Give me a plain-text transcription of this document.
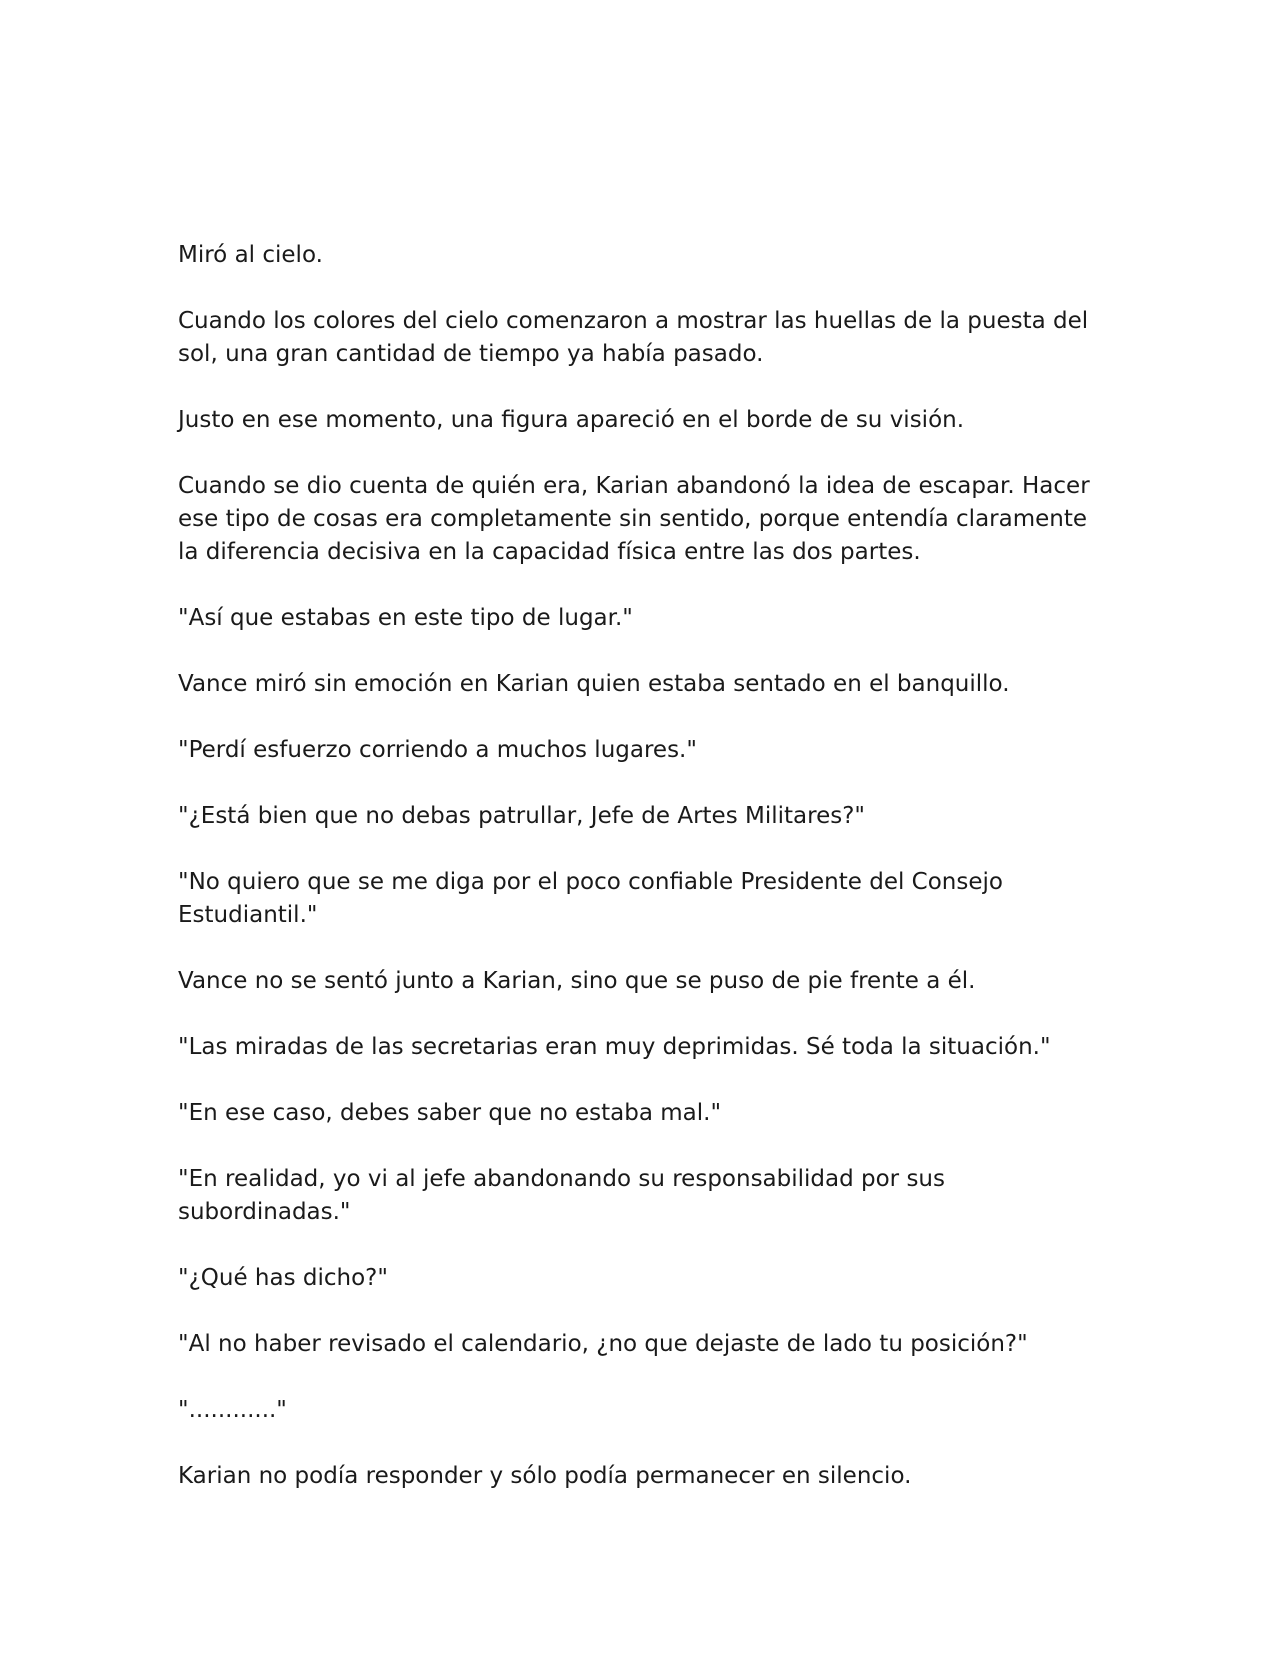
Miró al cielo.

Cuando los colores del cielo comenzaron a mostrar las huellas de la puesta del sol, una gran cantidad de tiempo ya había pasado.

Justo en ese momento, una figura apareció en el borde de su visión.

Cuando se dio cuenta de quién era, Karian abandonó la idea de escapar. Hacer ese tipo de cosas era completamente sin sentido, porque entendía claramente la diferencia decisiva en la capacidad física entre las dos partes.

"Así que estabas en este tipo de lugar."

Vance miró sin emoción en Karian quien estaba sentado en el banquillo.

"Perdí esfuerzo corriendo a muchos lugares."

"¿Está bien que no debas patrullar, Jefe de Artes Militares?"

"No quiero que se me diga por el poco confiable Presidente del Consejo Estudiantil."

Vance no se sentó junto a Karian, sino que se puso de pie frente a él.

"Las miradas de las secretarias eran muy deprimidas. Sé toda la situación."

"En ese caso, debes saber que no estaba mal."

"En realidad, yo vi al jefe abandonando su responsabilidad por sus subordinadas."

"¿Qué has dicho?"

"Al no haber revisado el calendario, ¿no que dejaste de lado tu posición?"

"............"

Karian no podía responder y sólo podía permanecer en silencio.
